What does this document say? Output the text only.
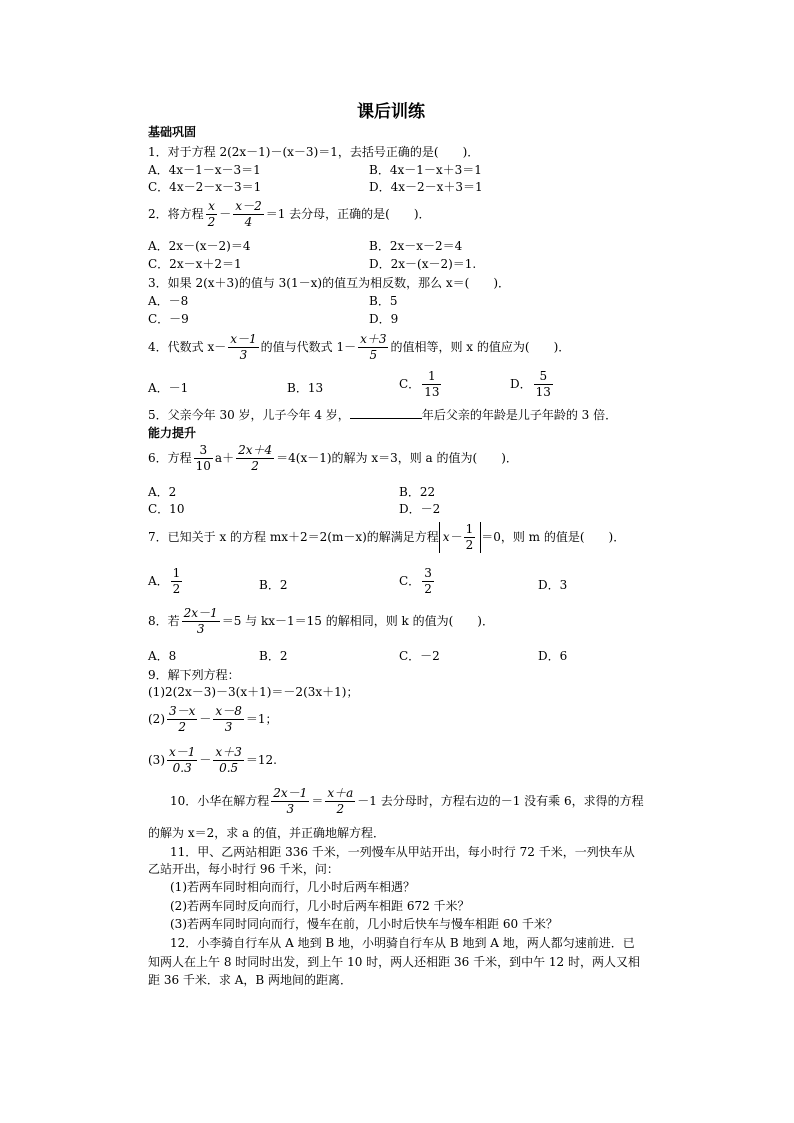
课后训练
基础巩固
1．对于方程 2(2x－1)－(x－3)＝1，去括号正确的是(　　)．
A．4x－1－x－3＝1	B．4x－1－x＋3＝1
C．4x－2－x－3＝1	D．4x－2－x＋3＝1
2．将方程 $\frac{x}{2} - \frac{x-2}{4} =1$ 去分母，正确的是(　　)．
A．2x－(x－2)＝4	B．2x－x－2＝4
C．2x－x＋2＝1	D．2x－(x－2)＝1.
3．如果 2(x＋3)的值与 3(1－x)的值互为相反数，那么 x＝(　　)．
A．－8	B．5
C．－9	D．9
4．代数式 $x- \frac{x-1}{3}$ 的值与代数式 $1- \frac{x+3}{5}$ 的值相等，则 x 的值应为(　　)．
A．－1	B．13	C． $\frac{1}{13}$	D． $\frac{5}{13}$
5．父亲今年 30 岁，儿子今年 4 岁，	年后父亲的年龄是儿子年龄的 3 倍．
能力提升
6．方程 $\frac{3}{10} a+ \frac{2x+4}{2} =4(x-1)$的解为 x＝3，则 a 的值为(　　)．
A．2	B．22
C．10	D．－2
7．已知关于 x 的方程 mx＋2＝2(m－x)的解满足方程 $x- \frac{1}{2} =0$，则 m 的值是(　　)．
A． $\frac{1}{2}$	B．2	C． $\frac{3}{2}$	D．3
8．若 $\frac{2x-1}{3} =5$ 与 kx－1＝15 的解相同，则 k 的值为(　　)．
A．8	B．2	C．－2	D．6
9．解下列方程：
(1)2(2x－3)－3(x＋1)＝－2(3x＋1)；
$(2) \frac{3-x}{2} - \frac{x-8}{3} =1$；
$(3) \frac{x-1}{0.3} - \frac{x+3}{0.5} =12$.
10．小华在解方程 $\frac{2x-1}{3} = \frac{x+a}{2} -1$ 去分母时，方程右边的－1 没有乘 6，求得的方程
的解为 x＝2，求 a 的值，并正确地解方程．
11．甲、乙两站相距 336 千米，一列慢车从甲站开出，每小时行 72 千米，一列快车从
乙站开出，每小时行 96 千米，问：
(1)若两车同时相向而行，几小时后两车相遇？
(2)若两车同时反向而行，几小时后两车相距 672 千米？
(3)若两车同时同向而行，慢车在前，几小时后快车与慢车相距 60 千米？
12．小李骑自行车从 A 地到 B 地，小明骑自行车从 B 地到 A 地，两人都匀速前进．已
知两人在上午 8 时同时出发，到上午 10 时，两人还相距 36 千米，到中午 12 时，两人又相
距 36 千米．求 A，B 两地间的距离．
